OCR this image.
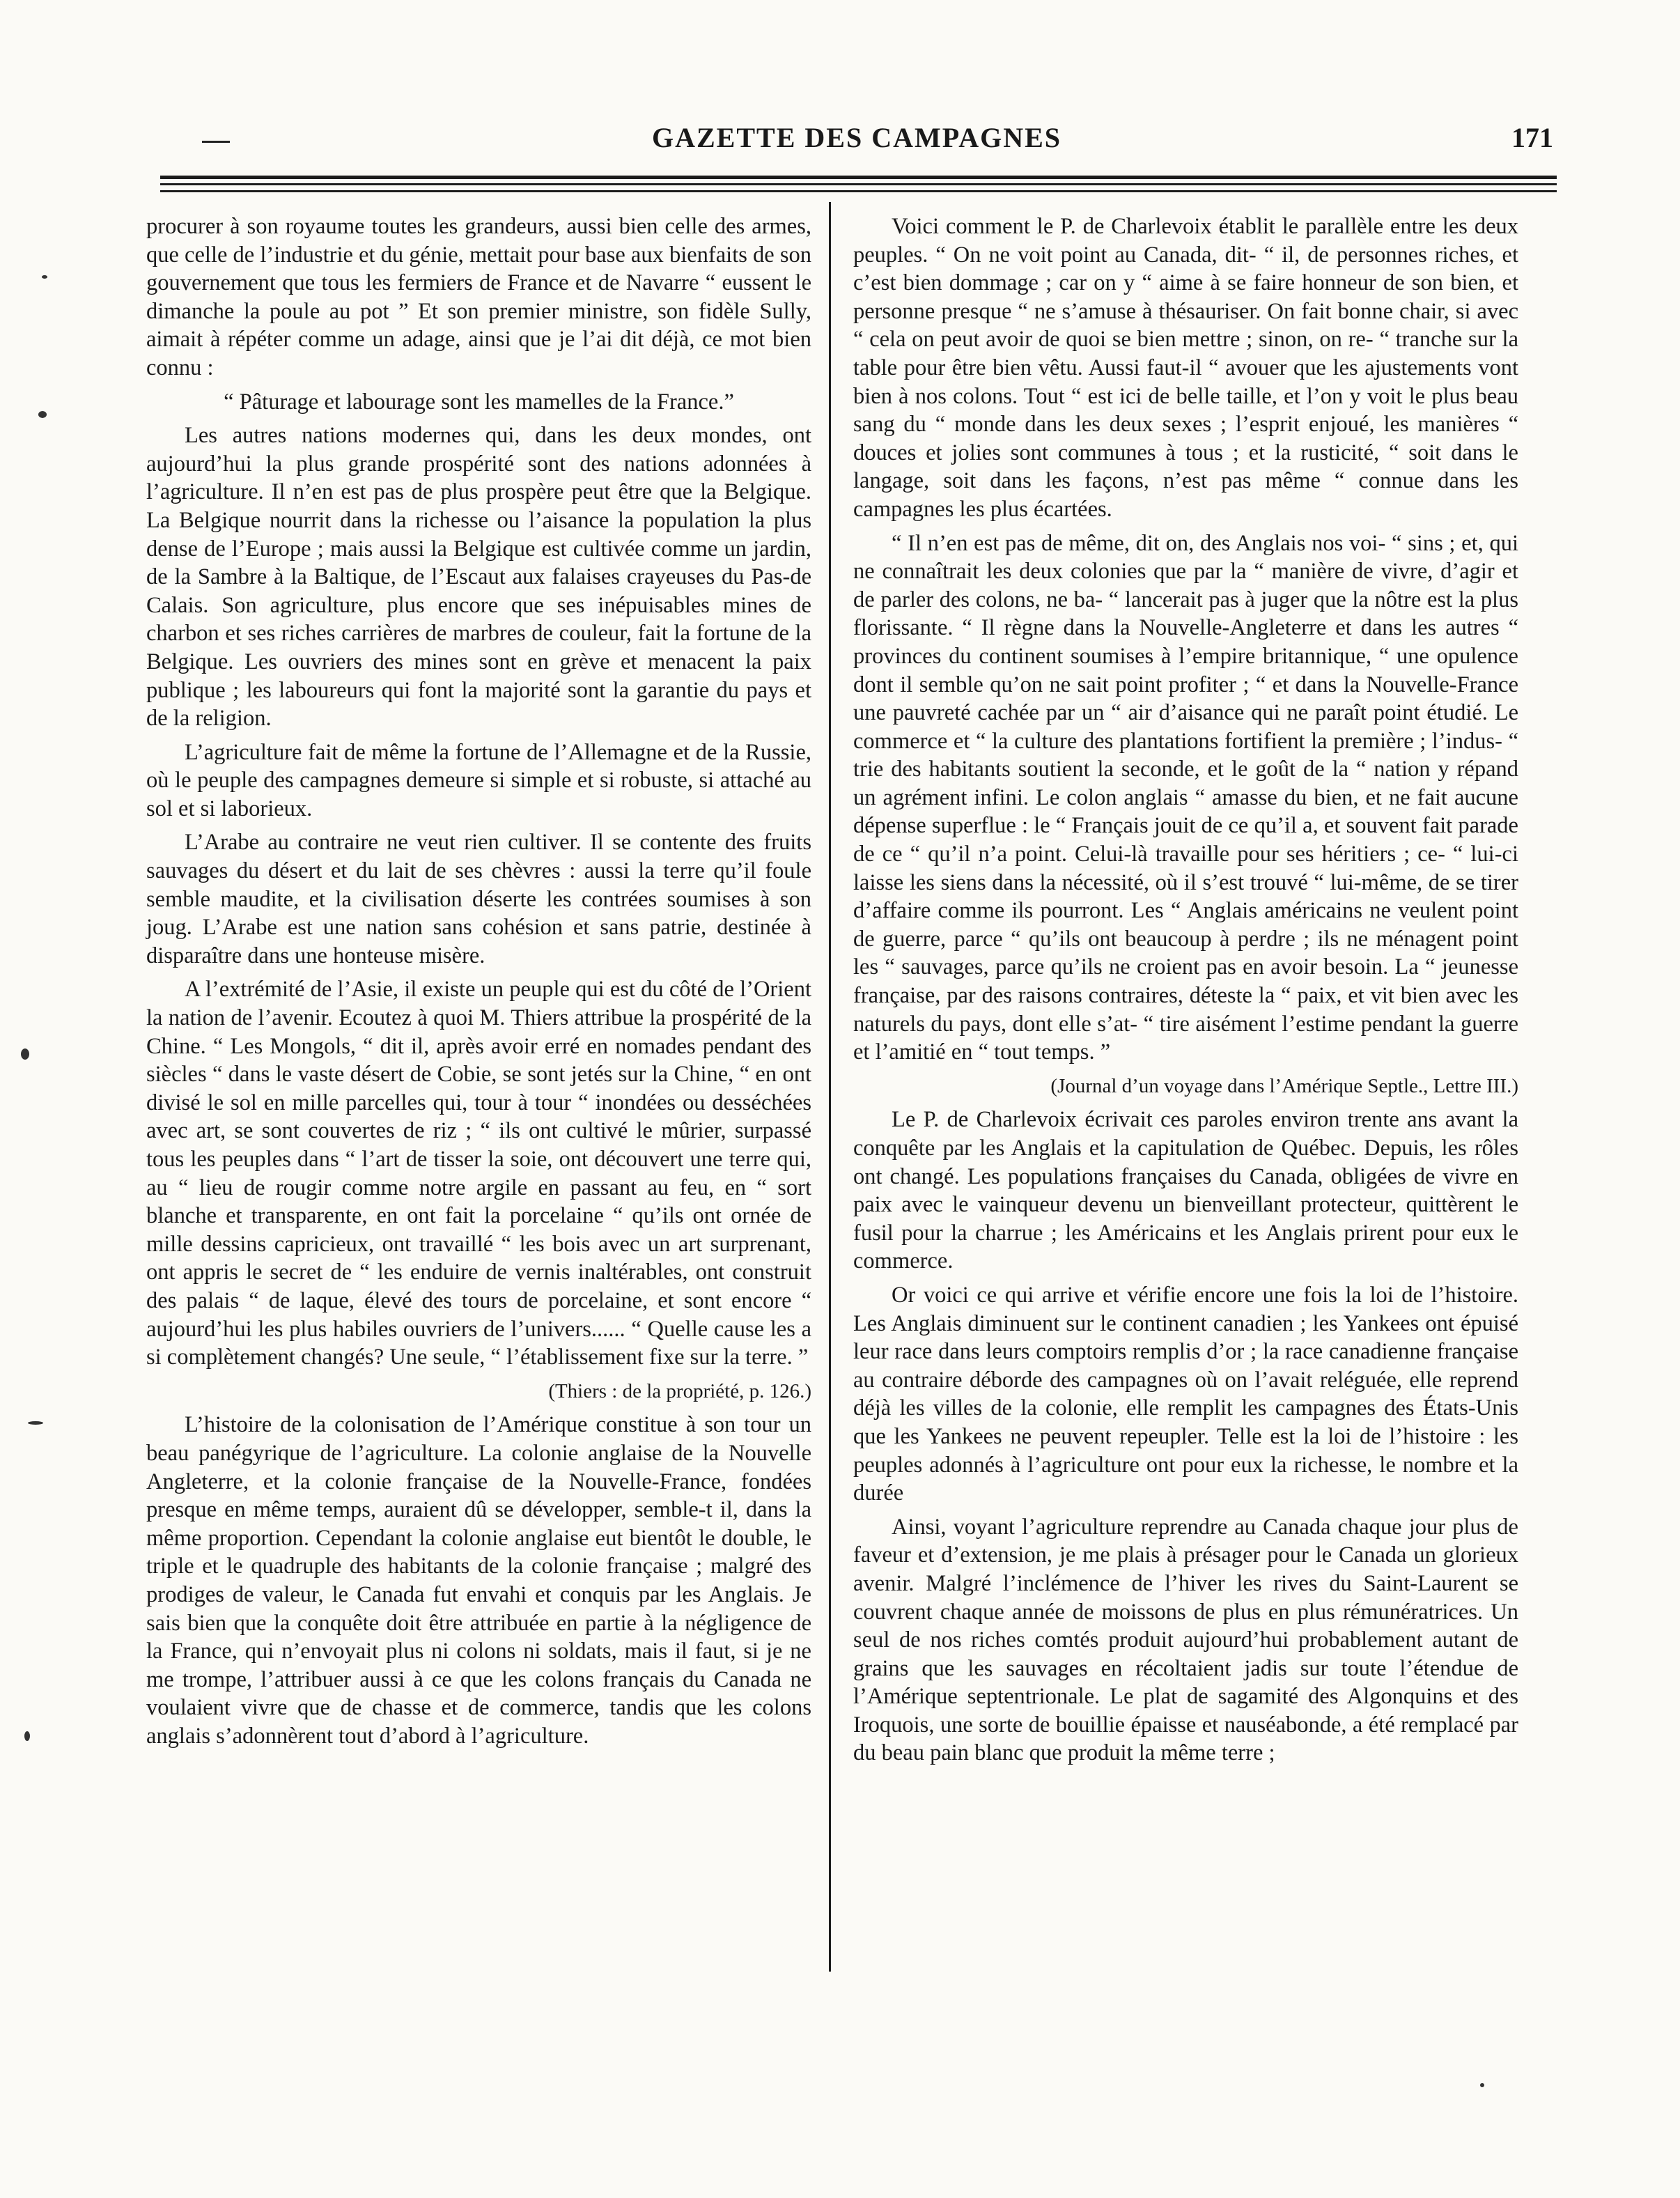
GAZETTE DES CAMPAGNES	171

procurer à son royaume toutes les grandeurs, aussi bien celle des armes, que celle de l’industrie et du génie, mettait pour base aux bienfaits de son gouvernement que tous les fermiers de France et de Navarre “ eussent le dimanche la poule au pot ” Et son premier ministre, son fidèle Sully, aimait à répéter comme un adage, ainsi que je l’ai dit déjà, ce mot bien connu :

“ Pâturage et labourage sont les mamelles de la France.”

Les autres nations modernes qui, dans les deux mondes, ont aujourd’hui la plus grande prospérité sont des nations adonnées à l’agriculture. Il n’en est pas de plus prospère peut être que la Belgique. La Belgique nourrit dans la richesse ou l’aisance la population la plus dense de l’Europe ; mais aussi la Belgique est cultivée comme un jardin, de la Sambre à la Baltique, de l’Escaut aux falaises crayeuses du Pas-de Calais. Son agriculture, plus encore que ses inépuisables mines de charbon et ses riches carrières de marbres de couleur, fait la fortune de la Belgique. Les ouvriers des mines sont en grève et menacent la paix publique ; les laboureurs qui font la majorité sont la garantie du pays et de la religion.

L’agriculture fait de même la fortune de l’Allemagne et de la Russie, où le peuple des campagnes demeure si simple et si robuste, si attaché au sol et si laborieux.

L’Arabe au contraire ne veut rien cultiver. Il se contente des fruits sauvages du désert et du lait de ses chèvres : aussi la terre qu’il foule semble maudite, et la civilisation déserte les contrées soumises à son joug. L’Arabe est une nation sans cohésion et sans patrie, destinée à disparaître dans une honteuse misère.

A l’extrémité de l’Asie, il existe un peuple qui est du côté de l’Orient la nation de l’avenir. Ecoutez à quoi M. Thiers attribue la prospérité de la Chine. “ Les Mongols, “ dit il, après avoir erré en nomades pendant des siècles “ dans le vaste désert de Cobie, se sont jetés sur la Chine, “ en ont divisé le sol en mille parcelles qui, tour à tour “ inondées ou desséchées avec art, se sont couvertes de riz ; “ ils ont cultivé le mûrier, surpassé tous les peuples dans “ l’art de tisser la soie, ont découvert une terre qui, au “ lieu de rougir comme notre argile en passant au feu, en “ sort blanche et transparente, en ont fait la porcelaine “ qu’ils ont ornée de mille dessins capricieux, ont travaillé “ les bois avec un art surprenant, ont appris le secret de “ les enduire de vernis inaltérables, ont construit des palais “ de laque, élevé des tours de porcelaine, et sont encore “ aujourd’hui les plus habiles ouvriers de l’univers...... “ Quelle cause les a si complètement changés? Une seule, “ l’établissement fixe sur la terre. ”

(Thiers : de la propriété, p. 126.)

L’histoire de la colonisation de l’Amérique constitue à son tour un beau panégyrique de l’agriculture. La colonie anglaise de la Nouvelle Angleterre, et la colonie française de la Nouvelle-France, fondées presque en même temps, auraient dû se développer, semble-t il, dans la même proportion. Cependant la colonie anglaise eut bientôt le double, le triple et le quadruple des habitants de la colonie française ; malgré des prodiges de valeur, le Canada fut envahi et conquis par les Anglais. Je sais bien que la conquête doit être attribuée en partie à la négligence de la France, qui n’envoyait plus ni colons ni soldats, mais il faut, si je ne me trompe, l’attribuer aussi à ce que les colons français du Canada ne voulaient vivre que de chasse et de commerce, tandis que les colons anglais s’adonnèrent tout d’abord à l’agriculture.

Voici comment le P. de Charlevoix établit le parallèle entre les deux peuples. “ On ne voit point au Canada, dit- “ il, de personnes riches, et c’est bien dommage ; car on y “ aime à se faire honneur de son bien, et personne presque “ ne s’amuse à thésauriser. On fait bonne chair, si avec “ cela on peut avoir de quoi se bien mettre ; sinon, on re- “ tranche sur la table pour être bien vêtu. Aussi faut-il “ avouer que les ajustements vont bien à nos colons. Tout “ est ici de belle taille, et l’on y voit le plus beau sang du “ monde dans les deux sexes ; l’esprit enjoué, les manières “ douces et jolies sont communes à tous ; et la rusticité, “ soit dans le langage, soit dans les façons, n’est pas même “ connue dans les campagnes les plus écartées.

“ Il n’en est pas de même, dit on, des Anglais nos voi- “ sins ; et, qui ne connaîtrait les deux colonies que par la “ manière de vivre, d’agir et de parler des colons, ne ba- “ lancerait pas à juger que la nôtre est la plus florissante. “ Il règne dans la Nouvelle-Angleterre et dans les autres “ provinces du continent soumises à l’empire britannique, “ une opulence dont il semble qu’on ne sait point profiter ; “ et dans la Nouvelle-France une pauvreté cachée par un “ air d’aisance qui ne paraît point étudié. Le commerce et “ la culture des plantations fortifient la première ; l’indus- “ trie des habitants soutient la seconde, et le goût de la “ nation y répand un agrément infini. Le colon anglais “ amasse du bien, et ne fait aucune dépense superflue : le “ Français jouit de ce qu’il a, et souvent fait parade de ce “ qu’il n’a point. Celui-là travaille pour ses héritiers ; ce- “ lui-ci laisse les siens dans la nécessité, où il s’est trouvé “ lui-même, de se tirer d’affaire comme ils pourront. Les “ Anglais américains ne veulent point de guerre, parce “ qu’ils ont beaucoup à perdre ; ils ne ménagent point les “ sauvages, parce qu’ils ne croient pas en avoir besoin. La “ jeunesse française, par des raisons contraires, déteste la “ paix, et vit bien avec les naturels du pays, dont elle s’at- “ tire aisément l’estime pendant la guerre et l’amitié en “ tout temps. ”

(Journal d’un voyage dans l’Amérique Septle., Lettre III.)

Le P. de Charlevoix écrivait ces paroles environ trente ans avant la conquête par les Anglais et la capitulation de Québec. Depuis, les rôles ont changé. Les populations françaises du Canada, obligées de vivre en paix avec le vainqueur devenu un bienveillant protecteur, quittèrent le fusil pour la charrue ; les Américains et les Anglais prirent pour eux le commerce.

Or voici ce qui arrive et vérifie encore une fois la loi de l’histoire. Les Anglais diminuent sur le continent canadien ; les Yankees ont épuisé leur race dans leurs comptoirs remplis d’or ; la race canadienne française au contraire déborde des campagnes où on l’avait reléguée, elle reprend déjà les villes de la colonie, elle remplit les campagnes des États-Unis que les Yankees ne peuvent repeupler. Telle est la loi de l’histoire : les peuples adonnés à l’agriculture ont pour eux la richesse, le nombre et la durée

Ainsi, voyant l’agriculture reprendre au Canada chaque jour plus de faveur et d’extension, je me plais à présager pour le Canada un glorieux avenir. Malgré l’inclémence de l’hiver les rives du Saint-Laurent se couvrent chaque année de moissons de plus en plus rémunératrices. Un seul de nos riches comtés produit aujourd’hui probablement autant de grains que les sauvages en récoltaient jadis sur toute l’étendue de l’Amérique septentrionale. Le plat de sagamité des Algonquins et des Iroquois, une sorte de bouillie épaisse et nauséabonde, a été remplacé par du beau pain blanc que produit la même terre ;
